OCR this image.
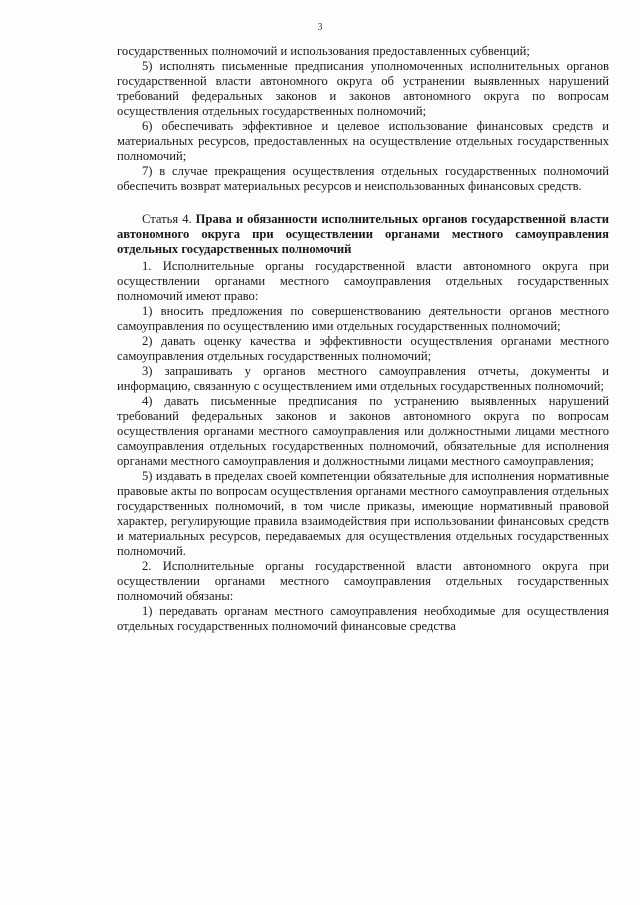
3

государственных полномочий и использования предоставленных субвенций;

5) исполнять письменные предписания уполномоченных исполнительных органов государственной власти автономного округа об устранении выявленных нарушений требований федеральных законов и законов автономного округа по вопросам осуществления отдельных государственных полномочий;

6) обеспечивать эффективное и целевое использование финансовых средств и материальных ресурсов, предоставленных на осуществление отдельных государственных полномочий;

7) в случае прекращения осуществления отдельных государственных полномочий обеспечить возврат материальных ресурсов и неиспользованных финансовых средств.

Статья 4. Права и обязанности исполнительных органов государственной власти автономного округа при осуществлении органами местного самоуправления отдельных государственных полномочий

1. Исполнительные органы государственной власти автономного округа при осуществлении органами местного самоуправления отдельных государственных полномочий имеют право:

1) вносить предложения по совершенствованию деятельности органов местного самоуправления по осуществлению ими отдельных государственных полномочий;

2) давать оценку качества и эффективности осуществления органами местного самоуправления отдельных государственных полномочий;

3) запрашивать у органов местного самоуправления отчеты, документы и информацию, связанную с осуществлением ими отдельных государственных полномочий;

4) давать письменные предписания по устранению выявленных нарушений требований федеральных законов и законов автономного округа по вопросам осуществления органами местного самоуправления или должностными лицами местного самоуправления отдельных государственных полномочий, обязательные для исполнения органами местного самоуправления и должностными лицами местного самоуправления;

5) издавать в пределах своей компетенции обязательные для исполнения нормативные правовые акты по вопросам осуществления органами местного самоуправления отдельных государственных полномочий, в том числе приказы, имеющие нормативный правовой характер, регулирующие правила взаимодействия при использовании финансовых средств и материальных ресурсов, передаваемых для осуществления отдельных государственных полномочий.

2. Исполнительные органы государственной власти автономного округа при осуществлении органами местного самоуправления отдельных государственных полномочий обязаны:

1) передавать органам местного самоуправления необходимые для осуществления отдельных государственных полномочий финансовые средства
